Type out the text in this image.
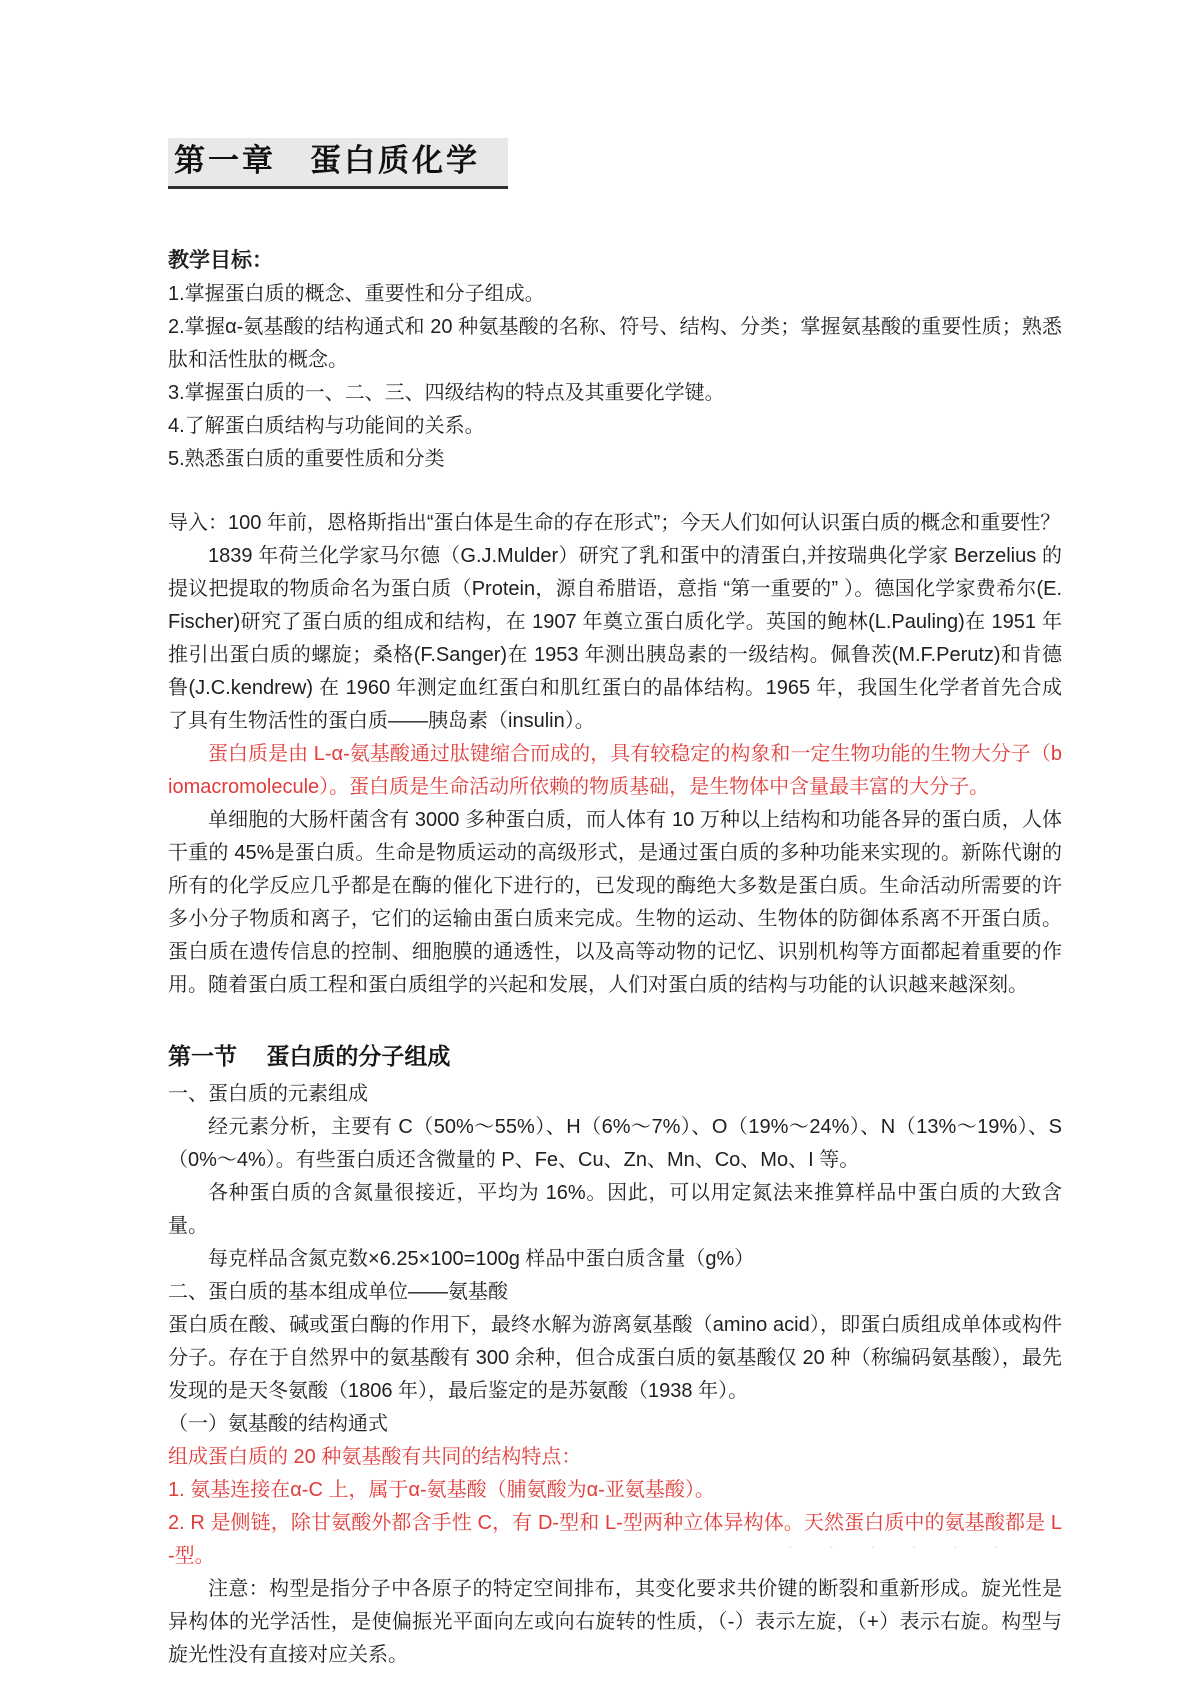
第一章　蛋白质化学

教学目标：

1.掌握蛋白质的概念、重要性和分子组成。

2.掌握α-氨基酸的结构通式和 20 种氨基酸的名称、符号、结构、分类；掌握氨基酸的重要性质；熟悉肽和活性肽的概念。

3.掌握蛋白质的一、二、三、四级结构的特点及其重要化学键。

4.了解蛋白质结构与功能间的关系。

5.熟悉蛋白质的重要性质和分类

导入：100 年前，恩格斯指出“蛋白体是生命的存在形式”；今天人们如何认识蛋白质的概念和重要性？

1839 年荷兰化学家马尔德（G.J.Mulder）研究了乳和蛋中的清蛋白,并按瑞典化学家 Berzelius 的提议把提取的物质命名为蛋白质（Protein，源自希腊语，意指 “第一重要的” ）。德国化学家费希尔(E.Fischer)研究了蛋白质的组成和结构，在 1907 年奠立蛋白质化学。英国的鲍林(L.Pauling)在 1951 年推引出蛋白质的螺旋；桑格(F.Sanger)在 1953 年测出胰岛素的一级结构。佩鲁茨(M.F.Perutz)和肯德鲁(J.C.kendrew) 在 1960 年测定血红蛋白和肌红蛋白的晶体结构。1965 年，我国生化学者首先合成了具有生物活性的蛋白质——胰岛素（insulin）。

蛋白质是由 L-α-氨基酸通过肽键缩合而成的，具有较稳定的构象和一定生物功能的生物大分子（biomacromolecule）。蛋白质是生命活动所依赖的物质基础，是生物体中含量最丰富的大分子。

单细胞的大肠杆菌含有 3000 多种蛋白质，而人体有 10 万种以上结构和功能各异的蛋白质，人体干重的 45%是蛋白质。生命是物质运动的高级形式，是通过蛋白质的多种功能来实现的。新陈代谢的所有的化学反应几乎都是在酶的催化下进行的，已发现的酶绝大多数是蛋白质。生命活动所需要的许多小分子物质和离子，它们的运输由蛋白质来完成。生物的运动、生物体的防御体系离不开蛋白质。蛋白质在遗传信息的控制、细胞膜的通透性，以及高等动物的记忆、识别机构等方面都起着重要的作用。随着蛋白质工程和蛋白质组学的兴起和发展，人们对蛋白质的结构与功能的认识越来越深刻。

第一节　 蛋白质的分子组成

一、蛋白质的元素组成

经元素分析，主要有 C（50%～55%）、H（6%～7%）、O（19%～24%）、N（13%～19%）、S（0%～4%）。有些蛋白质还含微量的 P、Fe、Cu、Zn、Mn、Co、Mo、I 等。

各种蛋白质的含氮量很接近，平均为 16%。因此，可以用定氮法来推算样品中蛋白质的大致含量。

每克样品含氮克数×6.25×100=100g 样品中蛋白质含量（g%）

二、蛋白质的基本组成单位——氨基酸

蛋白质在酸、碱或蛋白酶的作用下，最终水解为游离氨基酸（amino acid），即蛋白质组成单体或构件分子。存在于自然界中的氨基酸有 300 余种，但合成蛋白质的氨基酸仅 20 种（称编码氨基酸），最先发现的是天冬氨酸（1806 年），最后鉴定的是苏氨酸（1938 年）。

（一）氨基酸的结构通式

组成蛋白质的 20 种氨基酸有共同的结构特点：

1. 氨基连接在α-C 上，属于α-氨基酸（脯氨酸为α-亚氨基酸）。

2. R 是侧链，除甘氨酸外都含手性 C，有 D-型和 L-型两种立体异构体。天然蛋白质中的氨基酸都是 L-型。

注意：构型是指分子中各原子的特定空间排布，其变化要求共价键的断裂和重新形成。旋光性是异构体的光学活性，是使偏振光平面向左或向右旋转的性质，（-）表示左旋，（+）表示右旋。构型与旋光性没有直接对应关系。

· · · · · ·
